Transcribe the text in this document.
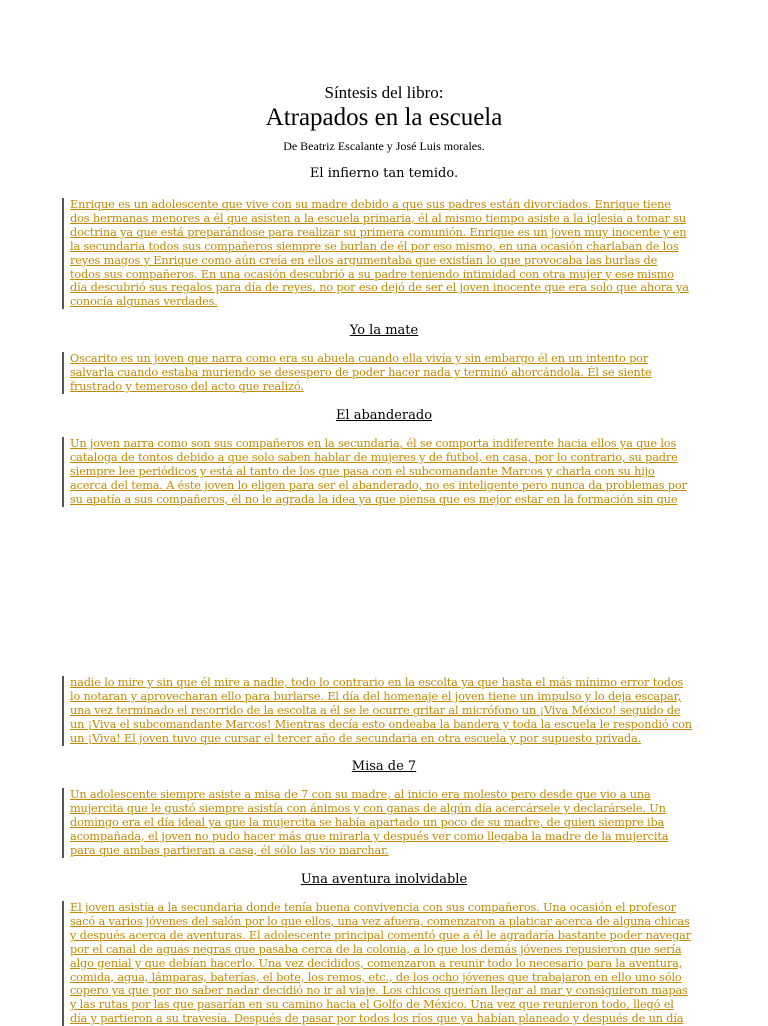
Síntesis del libro:
Atrapados en la escuela
De Beatriz Escalante y José Luis morales.
El infierno tan temido.
Enrique es un adolescente que vive con su madre debido a que sus padres están divorciados. Enrique tiene
dos hermanas menores a él que asisten a la escuela primaria, él al mismo tiempo asiste a la iglesia a tomar su
doctrina ya que está preparándose para realizar su primera comunión. Enrique es un joven muy inocente y en
la secundaria todos sus compañeros siempre se burlan de él por eso mismo, en una ocasión charlaban de los
reyes magos y Enrique como aún creía en ellos argumentaba que existían lo que provocaba las burlas de
todos sus compañeros. En una ocasión descubrió a su padre teniendo intimidad con otra mujer y ese mismo
día descubrió sus regalos para día de reyes, no por eso dejó de ser el joven inocente que era solo que ahora ya
conocía algunas verdades.
Yo la mate
Oscarito es un joven que narra como era su abuela cuando ella vivía y sin embargo él en un intento por
salvarla cuando estaba muriendo se desespero de poder hacer nada y terminó ahorcándola. Él se siente
frustrado y temeroso del acto que realizó.
El abanderado
Un joven narra como son sus compañeros en la secundaria, él se comporta indiferente hacia ellos ya que los
cataloga de tontos debido a que solo saben hablar de mujeres y de futbol, en casa, por lo contrario, su padre
siempre lee periódicos y está al tanto de los que pasa con el subcomandante Marcos y charla con su hijo
acerca del tema. A éste joven lo eligen para ser el abanderado, no es inteligente pero nunca da problemas por
su apatía a sus compañeros, él no le agrada la idea ya que piensa que es mejor estar en la formación sin que
nadie lo mire y sin que él mire a nadie, todo lo contrario en la escolta ya que hasta el más mínimo error todos
lo notaran y aprovecharan ello para burlarse. El día del homenaje el joven tiene un impulso y lo deja escapar,
una vez terminado el recorrido de la escolta a él se le ocurre gritar al micrófono un ¡Viva México! seguido de
un ¡Viva el subcomandante Marcos! Mientras decía esto ondeaba la bandera y toda la escuela le respondió con
un ¡Viva! El joven tuvo que cursar el tercer año de secundaria en otra escuela y por supuesto privada.
Misa de 7
Un adolescente siempre asiste a misa de 7 con su madre, al inicio era molesto pero desde que vio a una
mujercita que le gustó siempre asistía con ánimos y con ganas de algún día acercársele y declarársele. Un
domingo era el día ideal ya que la mujercita se había apartado un poco de su madre, de quien siempre iba
acompañada, el joven no pudo hacer más que mirarla y después ver como llegaba la madre de la mujercita
para que ambas partieran a casa, él sólo las vio marchar.
Una aventura inolvidable
El joven asistía a la secundaria donde tenía buena convivencia con sus compañeros. Una ocasión el profesor
sacó a varios jóvenes del salón por lo que ellos, una vez afuera, comenzaron a platicar acerca de alguna chicas
y después acerca de aventuras. El adolescente principal comentó que a él le agradaría bastante poder navegar
por el canal de aguas negras que pasaba cerca de la colonia, a lo que los demás jóvenes repusieron que sería
algo genial y que debían hacerlo. Una vez decididos, comenzaron a reunir todo lo necesario para la aventura,
comida, agua, lámparas, baterías, el bote, los remos, etc., de los ocho jóvenes que trabajaron en ello uno sólo
copero ya que por no saber nadar decidió no ir al viaje. Los chicos querían llegar al mar y consiguieron mapas
y las rutas por las que pasarían en su camino hacia el Golfo de México. Una vez que reunieron todo, llegó el
día y partieron a su travesía. Después de pasar por todos los ríos que ya habían planeado y después de un día
